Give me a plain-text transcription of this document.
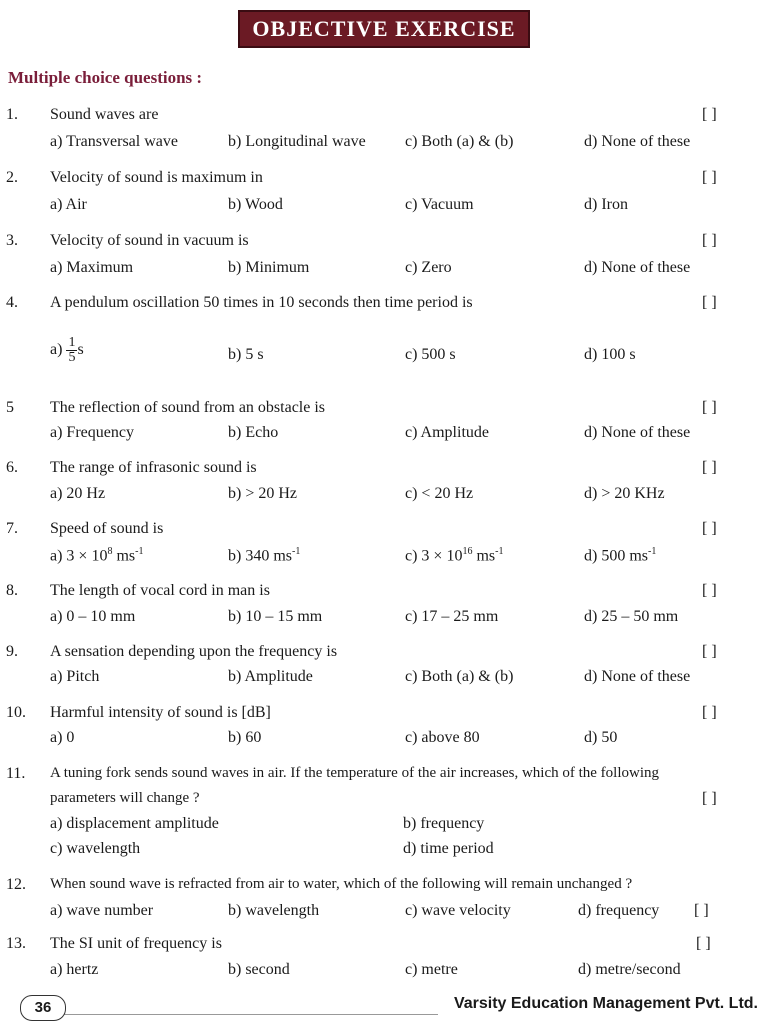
OBJECTIVE EXERCISE
Multiple choice questions :
1. Sound waves are	[ ]
a) Transversal wave	b) Longitudinal wave c) Both (a) & (b)	d) None of these
2. Velocity of sound is maximum in	[ ]
a) Air	b) Wood	c) Vacuum	d) Iron
3. Velocity of sound in vacuum is	[ ]
a) Maximum	b) Minimum	c) Zero	d) None of these
4. A pendulum oscillation 50 times in 10 seconds then time period is	[ ]
$a) \frac{1}{5}$ s	b) 5 s	c) 500 s	d) 100 s
5 The reflection of sound from an obstacle is	[ ]
a) Frequency	b) Echo	c) Amplitude	d) None of these
6. The range of infrasonic sound is	[ ]
a) 20 Hz	b) > 20 Hz	c) < 20 Hz	d) > 20 KHz
7. Speed of sound is	[ ]
a) $3 \times 10^8$ $ms^{-1}$	b) 340 $ms^{-1}$	c) $3 \times 10^{16}$ $ms^{-1}$	d) 500 $ms^{-1}$
8. The length of vocal cord in man is	[ ]
a) 0 – 10 mm	b) 10 – 15 mm	c) 17 – 25 mm	d) 25 – 50 mm
9. A sensation depending upon the frequency is	[ ]
a) Pitch	b) Amplitude	c) Both (a) & (b)	d) None of these
10. Harmful intensity of sound is [dB]	[ ]
a) 0	b) 60	c) above 80	d) 50
11. A tuning fork sends sound waves in air. If the temperature of the air increases, which of the following
parameters will change ?	[ ]
a) displacement amplitude	b) frequency
c) wavelength	d) time period
12. When sound wave is refracted from air to water, which of the following will remain unchanged ?
a) wave number	b) wavelength	c) wave velocity	d) frequency [ ]
13. The SI unit of frequency is	[ ]
a) hertz	b) second	c) metre	d) metre/second
36	Varsity Education Management Pvt. Ltd.
